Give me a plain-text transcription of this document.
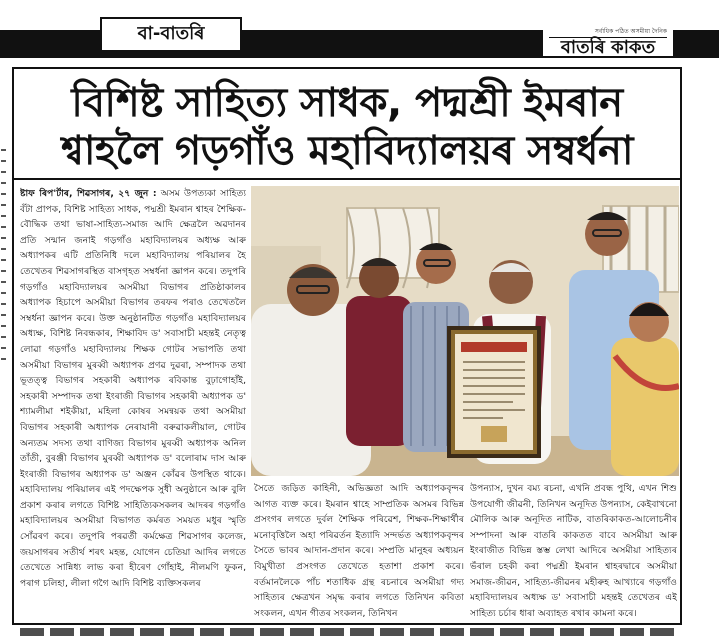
বা-বাতৰি	সৰ্বাধিক পঠিত অসমীয়া দৈনিক
বাতৰি কাকত
বিশিষ্ট সাহিত্য সাধক, পদ্মশ্ৰী ইমৰান
শ্বাহলৈ গড়গাঁও মহাবিদ্যালয়ৰ সম্বৰ্ধনা
ষ্টাফ ৰিপ'ৰ্টাৰ, শিৱসাগৰ, ২৭ জুন : অসম উপত্যকা সাহিত্য বঁটা প্ৰাপক, বিশিষ্ট সাহিত্য সাধক, পদ্মশ্ৰী ইমৰান শ্বাহৰ শৈক্ষিক-বৌদ্ধিক তথা ভাষা-সাহিত্য-সমাজ আদি ক্ষেত্ৰলৈ অৱদানৰ প্ৰতি সন্মান জনাই গড়গাঁও মহাবিদ্যালয়ৰ অধ্যক্ষ আৰু অধ্যাপকৰ এটি প্ৰতিনিধি দলে মহাবিদ্যালয় পৰিয়ালৰ হৈ তেখেতৰ শিৱসাগৰস্থিত বাসগৃহত সম্বৰ্ধনা জ্ঞাপন কৰে। তদুপৰি গড়গাঁও মহাবিদ্যালয়ৰ অসমীয়া বিভাগৰ প্ৰতিষ্ঠাকালৰ অধ্যাপক হিচাপে অসমীয়া বিভাগৰ তৰফৰ পৰাও তেখেতলৈ সম্বৰ্ধনা জ্ঞাপন কৰে। উক্ত অনুষ্ঠানটিত গড়গাঁও মহাবিদ্যালয়ৰ অধ্যক্ষ, বিশিষ্ট নিবন্ধকাৰ, শিক্ষাবিদ ড' সবাসাচী মহন্তই নেতৃত্ব লোৱা গড়গাঁও মহাবিদ্যালয় শিক্ষক গোটৰ সভাপতি তথা অসমীয়া বিভাগৰ মুৰব্বী অধ্যাপক প্ৰণৱ দুৱৰা, সম্পাদক তথা ভূতত্ত্ব বিভাগৰ সহকাৰী অধ্যাপক ৰবিকান্ত বুঢ়াগোহাঁই, সহকাৰী সম্পাদক তথা ইংৰাজী বিভাগৰ সহকাৰী অধ্যাপক ড' শ্যামলীমা শইকীয়া, মহিলা কোষৰ সমন্বয়ক তথা অসমীয়া বিভাগৰ সহকাৰী অধ্যাপক নেৰাযানী বৰুৱাকলীয়াল, গোটৰ অন্যতম সদস্য তথা বাণিজ্য বিভাগৰ মুৰব্বী অধ্যাপক অনিল তাঁতী, বুৰঞ্জী বিভাগৰ মুৰব্বী অধ্যাপক ড' বলোৰাম দাস আৰু ইংৰাজী বিভাগৰ অধ্যাপক ড' অঞ্জন কোঁৱৰ উপস্থিত থাকে। মহাবিদ্যালয় পৰিয়ালৰ এই পদক্ষেপক সুধী অনুষ্ঠানে আৰু বুলি প্ৰকাশ কৰাৰ লগতে বিশিষ্ট সাহিত্যিকসকলৰ আদৰৰ গড়গাঁও মহাবিদ্যালয়ৰ অসমীয়া বিভাগত কৰ্মৰত সময়ত মধুৰ স্মৃতি সোঁৱৰণ কৰে। তদুপৰি পৰৱৰ্তী কৰ্মক্ষেত্ৰ শিৱসাগৰ কলেজ, জয়সাগৰৰ সতীৰ্থ শৰৎ মহন্ত, যোগেন চেতিয়া আদিৰ লগতে তেখেতে সান্নিধ্য লাভ কৰা হীৰেণ গোঁহাই, নীলমণি ফুকন, পৰাগ চলিহা, লীলা গগৈ আদি বিশিষ্ট ব্যক্তিসকলৰ
সৈতে জড়িত কাহিনী, অভিজ্ঞতা আদি অধ্যাপকবৃন্দৰ আগত ব্যক্ত কৰে। ইমৰান শ্বাহে সাম্প্ৰতিক অসমৰ বিভিন্ন প্ৰসংগৰ লগতে দুৰ্বল শৈক্ষিক পৰিৱেশ, শিক্ষক-শিক্ষাৰ্থীৰ মনোবৃত্তিলৈ অহা পৰিৱৰ্তন ইত্যাদি সন্দৰ্ভত অধ্যাপকবৃন্দৰ সৈতে ভাবৰ আদান-প্ৰদান কৰে। সম্প্ৰতি মানুহৰ অধ্যয়ন বিমুখীতা প্ৰসংগত তেখেতে হতাশা প্ৰকাশ কৰে। বৰ্তমানলৈকে পাঁচ শতাধিক গ্ৰন্থ ৰচনাৰে অসমীয়া গদ্য সাহিত্যৰ ক্ষেত্ৰখন সমৃদ্ধ কৰাৰ লগতে তিনিখন কবিতা সংকলন, এখন গীতৰ সংকলন, তিনিখন
উপন্যাস, দুখন বম্য ৰচনা, এখনি প্ৰবন্ধ পুথি, এখন শিশু উপযোগী জীৱনী, তিনিখন অনূদিত উপন্যাস, কেইবাখনো মৌলিক আৰু অনূদিত নাটিক, বাতৰিকাকত-আলোচনীৰ সম্পাদনা আৰু বাতৰি কাকতত বাবে অসমীয়া আৰু ইংৰাজীত বিভিন্ন স্তম্ভ লেখা আদিৰে অসমীয়া সাহিত্যৰ ভঁৰাল চহকী কৰা পদ্মশ্ৰী ইমৰান শ্বাহৰদ্বাৰে অসমীয়া সমাজ-জীৱন, সাহিত্য-জীৱনৰ মহীৰুহ আখ্যাৰে গড়গাঁও মহাবিদ্যালয়ৰ অধ্যক্ষ ড' সবাসাচী মহন্তই তেখেতৰ এই সাহিত্য চৰ্চাৰ ধাৰা অব্যাহত ৰখাৰ কামনা কৰে।
